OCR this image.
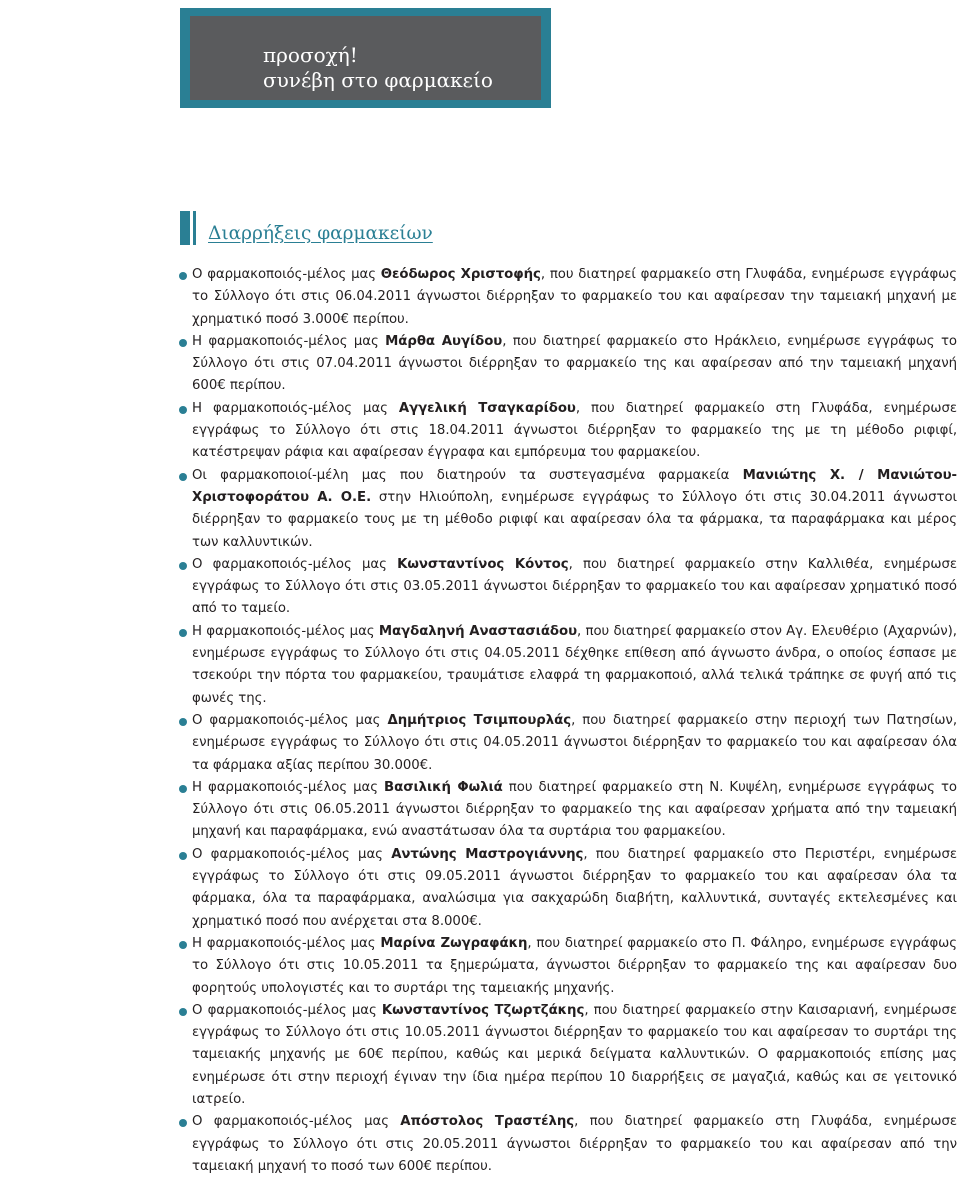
προσοχή!
συνέβη στο φαρμακείο
Διαρρήξεις φαρμακείων
Ο φαρμακοποιός-μέλος μας Θεόδωρος Χριστοφής, που διατηρεί φαρμακείο στη Γλυφάδα, ενημέρωσε εγγράφως το Σύλλογο ότι στις 06.04.2011 άγνωστοι διέρρηξαν το φαρμακείο του και αφαίρεσαν την ταμειακή μηχανή με χρηματικό ποσό 3.000€ περίπου.
Η φαρμακοποιός-μέλος μας Μάρθα Αυγίδου, που διατηρεί φαρμακείο στο Ηράκλειο, ενημέρωσε εγγράφως το Σύλλογο ότι στις 07.04.2011 άγνωστοι διέρρηξαν το φαρμακείο της και αφαίρεσαν από την ταμειακή μηχανή 600€ περίπου.
Η φαρμακοποιός-μέλος μας Αγγελική Τσαγκαρίδου, που διατηρεί φαρμακείο στη Γλυφάδα, ενημέρωσε εγγράφως το Σύλλογο ότι στις 18.04.2011 άγνωστοι διέρρηξαν το φαρμακείο της με τη μέθοδο ριφιφί, κατέστρεψαν ράφια και αφαίρεσαν έγγραφα και εμπόρευμα του φαρμακείου.
Οι φαρμακοποιοί-μέλη μας που διατηρούν τα συστεγασμένα φαρμακεία Μανιώτης Χ. / Μανιώτου-Χριστοφοράτου Α. Ο.Ε. στην Ηλιούπολη, ενημέρωσε εγγράφως το Σύλλογο ότι στις 30.04.2011 άγνωστοι διέρρηξαν το φαρμακείο τους με τη μέθοδο ριφιφί και αφαίρεσαν όλα τα φάρμακα, τα παραφάρμακα και μέρος των καλλυντικών.
Ο φαρμακοποιός-μέλος μας Κωνσταντίνος Κόντος, που διατηρεί φαρμακείο στην Καλλιθέα, ενημέρωσε εγγράφως το Σύλλογο ότι στις 03.05.2011 άγνωστοι διέρρηξαν το φαρμακείο του και αφαίρεσαν χρηματικό ποσό από το ταμείο.
Η φαρμακοποιός-μέλος μας Μαγδαληνή Αναστασιάδου, που διατηρεί φαρμακείο στον Αγ. Ελευθέριο (Αχαρνών), ενημέρωσε εγγράφως το Σύλλογο ότι στις 04.05.2011 δέχθηκε επίθεση από άγνωστο άνδρα, ο οποίος έσπασε με τσεκούρι την πόρτα του φαρμακείου, τραυμάτισε ελαφρά τη φαρμακοποιό, αλλά τελικά τράπηκε σε φυγή από τις φωνές της.
Ο φαρμακοποιός-μέλος μας Δημήτριος Τσιμπουρλάς, που διατηρεί φαρμακείο στην περιοχή των Πατησίων, ενημέρωσε εγγράφως το Σύλλογο ότι στις 04.05.2011 άγνωστοι διέρρηξαν το φαρμακείο του και αφαίρεσαν όλα τα φάρμακα αξίας περίπου 30.000€.
Η φαρμακοποιός-μέλος μας Βασιλική Φωλιά που διατηρεί φαρμακείο στη Ν. Κυψέλη, ενημέρωσε εγγράφως το Σύλλογο ότι στις 06.05.2011 άγνωστοι διέρρηξαν το φαρμακείο της και αφαίρεσαν χρήματα από την ταμειακή μηχανή και παραφάρμακα, ενώ αναστάτωσαν όλα τα συρτάρια του φαρμακείου.
Ο φαρμακοποιός-μέλος μας Αντώνης Μαστρογιάννης, που διατηρεί φαρμακείο στο Περιστέρι, ενημέρωσε εγγράφως το Σύλλογο ότι στις 09.05.2011 άγνωστοι διέρρηξαν το φαρμακείο του και αφαίρεσαν όλα τα φάρμακα, όλα τα παραφάρμακα, αναλώσιμα για σακχαρώδη διαβήτη, καλλυντικά, συνταγές εκτελεσμένες και χρηματικό ποσό που ανέρχεται στα 8.000€.
Η φαρμακοποιός-μέλος μας Μαρίνα Ζωγραφάκη, που διατηρεί φαρμακείο στο Π. Φάληρο, ενημέρωσε εγγράφως το Σύλλογο ότι στις 10.05.2011 τα ξημερώματα, άγνωστοι διέρρηξαν το φαρμακείο της και αφαίρεσαν δυο φορητούς υπολογιστές και το συρτάρι της ταμειακής μηχανής.
Ο φαρμακοποιός-μέλος μας Κωνσταντίνος Τζωρτζάκης, που διατηρεί φαρμακείο στην Καισαριανή, ενημέρωσε εγγράφως το Σύλλογο ότι στις 10.05.2011 άγνωστοι διέρρηξαν το φαρμακείο του και αφαίρεσαν το συρτάρι της ταμειακής μηχανής με 60€ περίπου, καθώς και μερικά δείγματα καλλυντικών. Ο φαρμακοποιός επίσης μας ενημέρωσε ότι στην περιοχή έγιναν την ίδια ημέρα περίπου 10 διαρρήξεις σε μαγαζιά, καθώς και σε γειτονικό ιατρείο.
Ο φαρμακοποιός-μέλος μας Απόστολος Τραστέλης, που διατηρεί φαρμακείο στη Γλυφάδα, ενημέρωσε εγγράφως το Σύλλογο ότι στις 20.05.2011 άγνωστοι διέρρηξαν το φαρμακείο του και αφαίρεσαν από την ταμειακή μηχανή το ποσό των 600€ περίπου.
